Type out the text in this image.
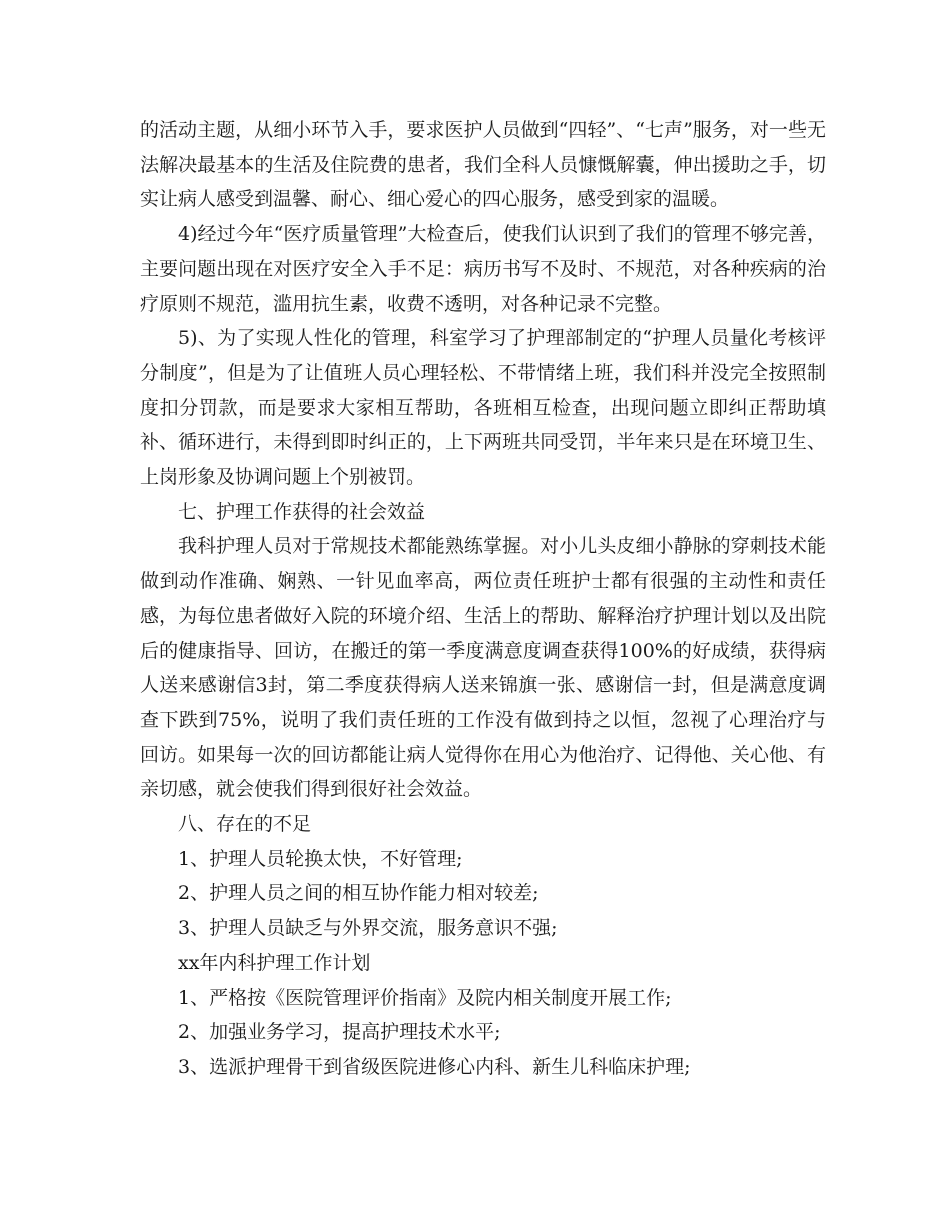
的活动主题，从细小环节入手，要求医护人员做到“四轻”、“七声”服务，对一些无法解决最基本的生活及住院费的患者，我们全科人员慷慨解囊，伸出援助之手，切实让病人感受到温馨、耐心、细心爱心的四心服务，感受到家的温暖。

4)经过今年“医疗质量管理”大检查后，使我们认识到了我们的管理不够完善，主要问题出现在对医疗安全入手不足：病历书写不及时、不规范，对各种疾病的治疗原则不规范，滥用抗生素，收费不透明，对各种记录不完整。

5)、为了实现人性化的管理，科室学习了护理部制定的“护理人员量化考核评分制度”，但是为了让值班人员心理轻松、不带情绪上班，我们科并没完全按照制度扣分罚款，而是要求大家相互帮助，各班相互检查，出现问题立即纠正帮助填补、循环进行，未得到即时纠正的，上下两班共同受罚，半年来只是在环境卫生、上岗形象及协调问题上个别被罚。

七、护理工作获得的社会效益

我科护理人员对于常规技术都能熟练掌握。对小儿头皮细小静脉的穿刺技术能做到动作准确、娴熟、一针见血率高，两位责任班护士都有很强的主动性和责任感，为每位患者做好入院的环境介绍、生活上的帮助、解释治疗护理计划以及出院后的健康指导、回访，在搬迁的第一季度满意度调查获得100%的好成绩，获得病人送来感谢信3封，第二季度获得病人送来锦旗一张、感谢信一封，但是满意度调查下跌到75%，说明了我们责任班的工作没有做到持之以恒，忽视了心理治疗与回访。如果每一次的回访都能让病人觉得你在用心为他治疗、记得他、关心他、有亲切感，就会使我们得到很好社会效益。

八、存在的不足

1、护理人员轮换太快，不好管理;

2、护理人员之间的相互协作能力相对较差;

3、护理人员缺乏与外界交流，服务意识不强;

xx年内科护理工作计划

1、严格按《医院管理评价指南》及院内相关制度开展工作;

2、加强业务学习，提高护理技术水平;

3、选派护理骨干到省级医院进修心内科、新生儿科临床护理;
